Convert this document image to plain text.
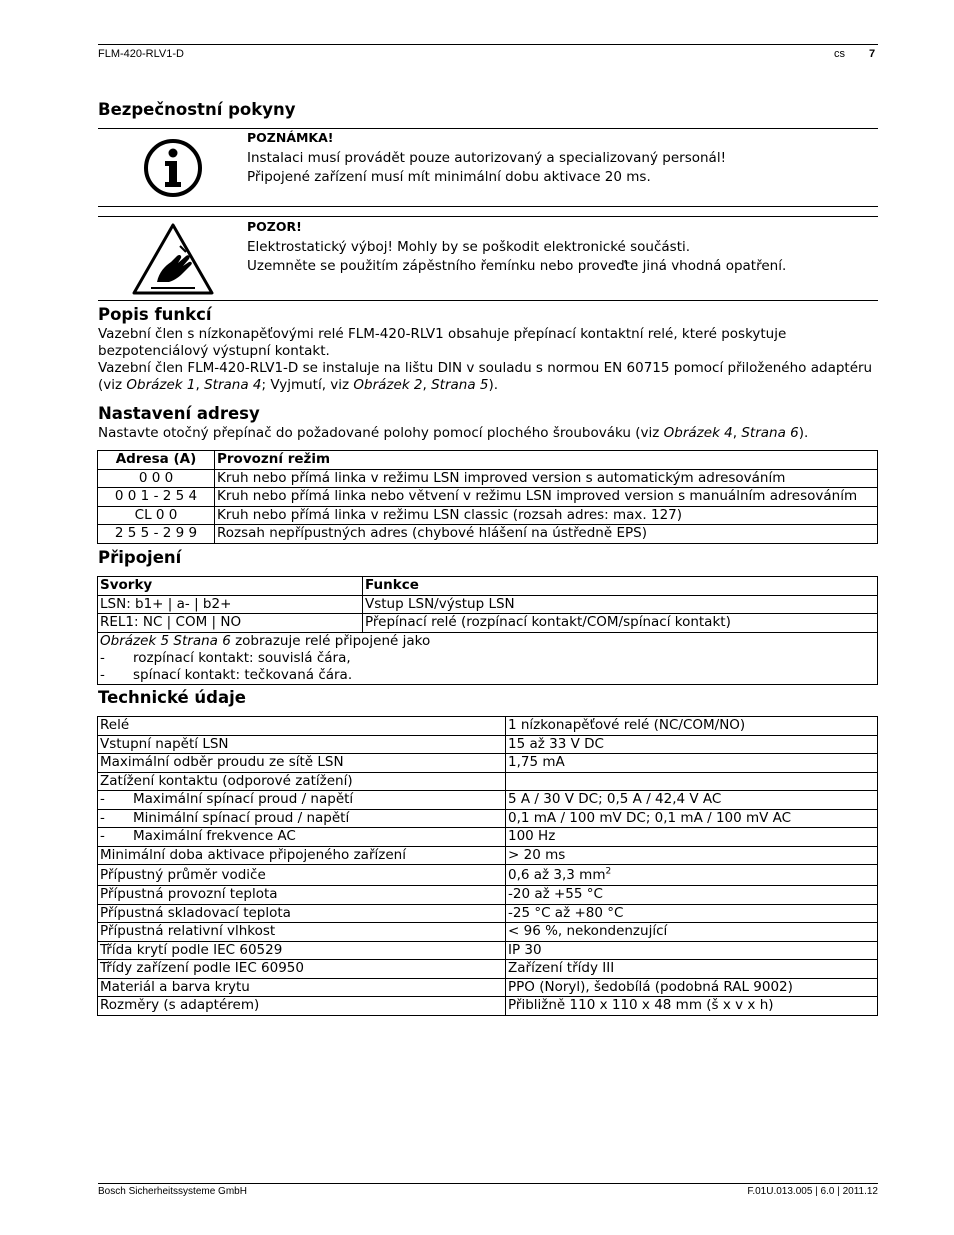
FLM-420-RLV1-D	cs 7
Bezpečnostní pokyny
POZNÁMKA!
Instalaci musí provádět pouze autorizovaný a specializovaný personál!
Připojené zařízení musí mít minimální dobu aktivace 20 ms.
POZOR!
Elektrostatický výboj! Mohly by se poškodit elektronické součásti.
Uzemněte se použitím zápěstního řemínku nebo proveďte jiná vhodná opatření.
Popis funkcí
Vazební člen s nízkonapěťovými relé FLM-420-RLV1 obsahuje přepínací kontaktní relé, které poskytuje
bezpotenciálový výstupní kontakt.
Vazební člen FLM-420-RLV1-D se instaluje na lištu DIN v souladu s normou EN 60715 pomocí přiloženého adaptéru
(viz Obrázek 1, Strana 4; Vyjmutí, viz Obrázek 2, Strana 5).
Nastavení adresy
Nastavte otočný přepínač do požadované polohy pomocí plochého šroubováku (viz Obrázek 4, Strana 6).
Adresa (A)	Provozní režim
0 0 0	Kruh nebo přímá linka v režimu LSN improved version s automatickým adresováním
0 0 1 - 2 5 4	Kruh nebo přímá linka nebo větvení v režimu LSN improved version s manuálním adresováním
CL 0 0	Kruh nebo přímá linka v režimu LSN classic (rozsah adres: max. 127)
2 5 5 - 2 9 9	Rozsah nepřípustných adres (chybové hlášení na ústředně EPS)
Připojení
Svorky	Funkce
LSN: b1+ | a- | b2+	Vstup LSN/výstup LSN
REL1: NC | COM | NO	Přepínací relé (rozpínací kontakt/COM/spínací kontakt)

Obrázek 5 Strana 6 zobrazuje relé připojené jako
- rozpínací kontakt: souvislá čára,
- spínací kontakt: tečkovaná čára.	
Technické údaje
Relé	1 nízkonapěťové relé (NC/COM/NO)
Vstupní napětí LSN	15 až 33 V DC
Maximální odběr proudu ze sítě LSN	1,75 mA
Zatížení kontaktu (odporové zatížení)	
- Maximální spínací proud / napětí	5 A / 30 V DC; 0,5 A / 42,4 V AC
- Minimální spínací proud / napětí	0,1 mA / 100 mV DC; 0,1 mA / 100 mV AC
- Maximální frekvence AC	100 Hz
Minimální doba aktivace připojeného zařízení	> 20 ms
Přípustný průměr vodiče	0,6 až 3,3 $mm^2$
Přípustná provozní teplota	-20 až +55 °C
Přípustná skladovací teplota	-25 °C až +80 °C
Přípustná relativní vlhkost	< 96 %, nekondenzující
Třída krytí podle IEC 60529	IP 30
Třídy zařízení podle IEC 60950	Zařízení třídy III
Materiál a barva krytu	PPO (Noryl), šedobílá (podobná RAL 9002)
Rozměry (s adaptérem)	Přibližně 110 x 110 x 48 mm (š x v x h)
Bosch Sicherheitssysteme GmbH	F.01U.013.005 | 6.0 | 2011.12
